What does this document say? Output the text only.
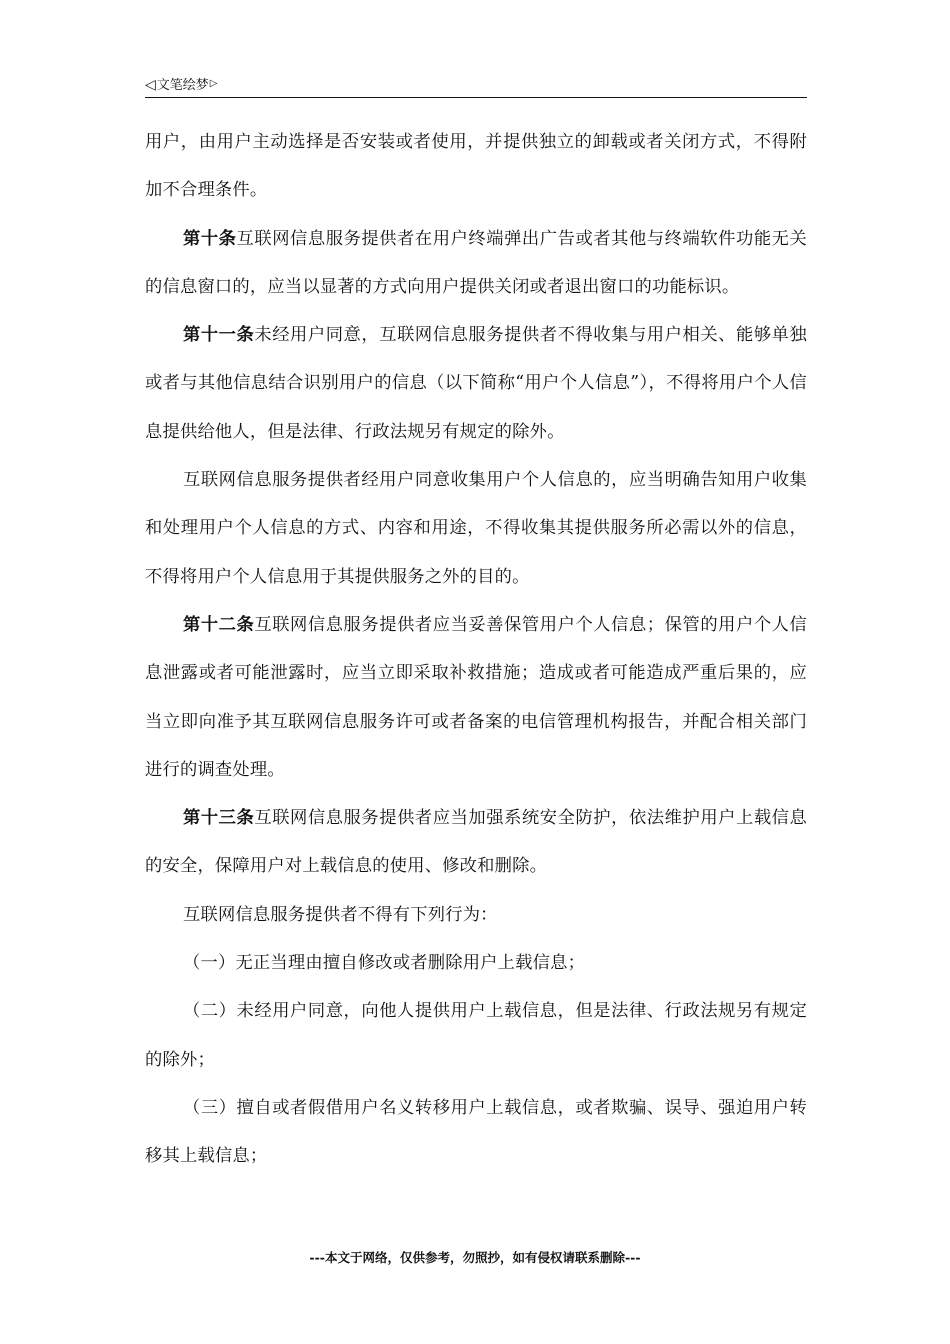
◁文笔绘梦▷

用户，由用户主动选择是否安装或者使用，并提供独立的卸载或者关闭方式，不得附加不合理条件。

第十条互联网信息服务提供者在用户终端弹出广告或者其他与终端软件功能无关的信息窗口的，应当以显著的方式向用户提供关闭或者退出窗口的功能标识。

第十一条未经用户同意，互联网信息服务提供者不得收集与用户相关、能够单独或者与其他信息结合识别用户的信息（以下简称“用户个人信息”），不得将用户个人信息提供给他人，但是法律、行政法规另有规定的除外。

互联网信息服务提供者经用户同意收集用户个人信息的，应当明确告知用户收集和处理用户个人信息的方式、内容和用途，不得收集其提供服务所必需以外的信息，不得将用户个人信息用于其提供服务之外的目的。

第十二条互联网信息服务提供者应当妥善保管用户个人信息；保管的用户个人信息泄露或者可能泄露时，应当立即采取补救措施；造成或者可能造成严重后果的，应当立即向准予其互联网信息服务许可或者备案的电信管理机构报告，并配合相关部门进行的调查处理。

第十三条互联网信息服务提供者应当加强系统安全防护，依法维护用户上载信息的安全，保障用户对上载信息的使用、修改和删除。

互联网信息服务提供者不得有下列行为：

（一）无正当理由擅自修改或者删除用户上载信息；

（二）未经用户同意，向他人提供用户上载信息，但是法律、行政法规另有规定的除外；

（三）擅自或者假借用户名义转移用户上载信息，或者欺骗、误导、强迫用户转移其上载信息；

---本文于网络，仅供参考，勿照抄，如有侵权请联系删除---
